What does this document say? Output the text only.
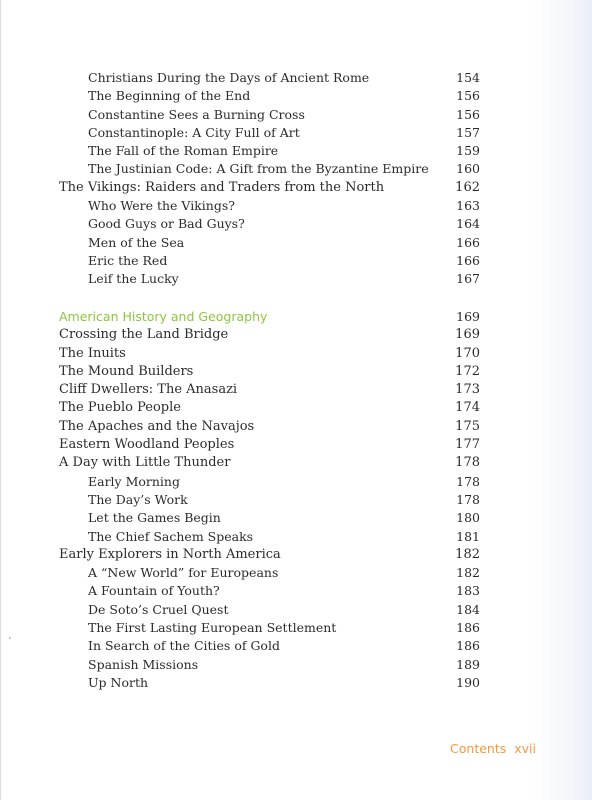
Christians During the Days of Ancient Rome	154
The Beginning of the End	156
Constantine Sees a Burning Cross	156
Constantinople: A City Full of Art	157
The Fall of the Roman Empire	159
The Justinian Code: A Gift from the Byzantine Empire 160
The Vikings: Raiders and Traders from the North	162
Who Were the Vikings?	163
Good Guys or Bad Guys?	164
Men of the Sea	166
Eric the Red	166
Leif the Lucky	167
American History and Geography	169
Crossing the Land Bridge	169
The Inuits	170
The Mound Builders	172
Cliff Dwellers: The Anasazi	173
The Pueblo People	174
The Apaches and the Navajos	175
Eastern Woodland Peoples	177
A Day with Little Thunder	178
Early Morning	178
The Day’s Work	178
Let the Games Begin	180
The Chief Sachem Speaks	181
Early Explorers in North America	182
A “New World” for Europeans	182
A Fountain of Youth?	183
De Soto’s Cruel Quest	184
The First Lasting European Settlement	186
In Search of the Cities of Gold	186
Spanish Missions	189
Up North	190
Contents xvii
